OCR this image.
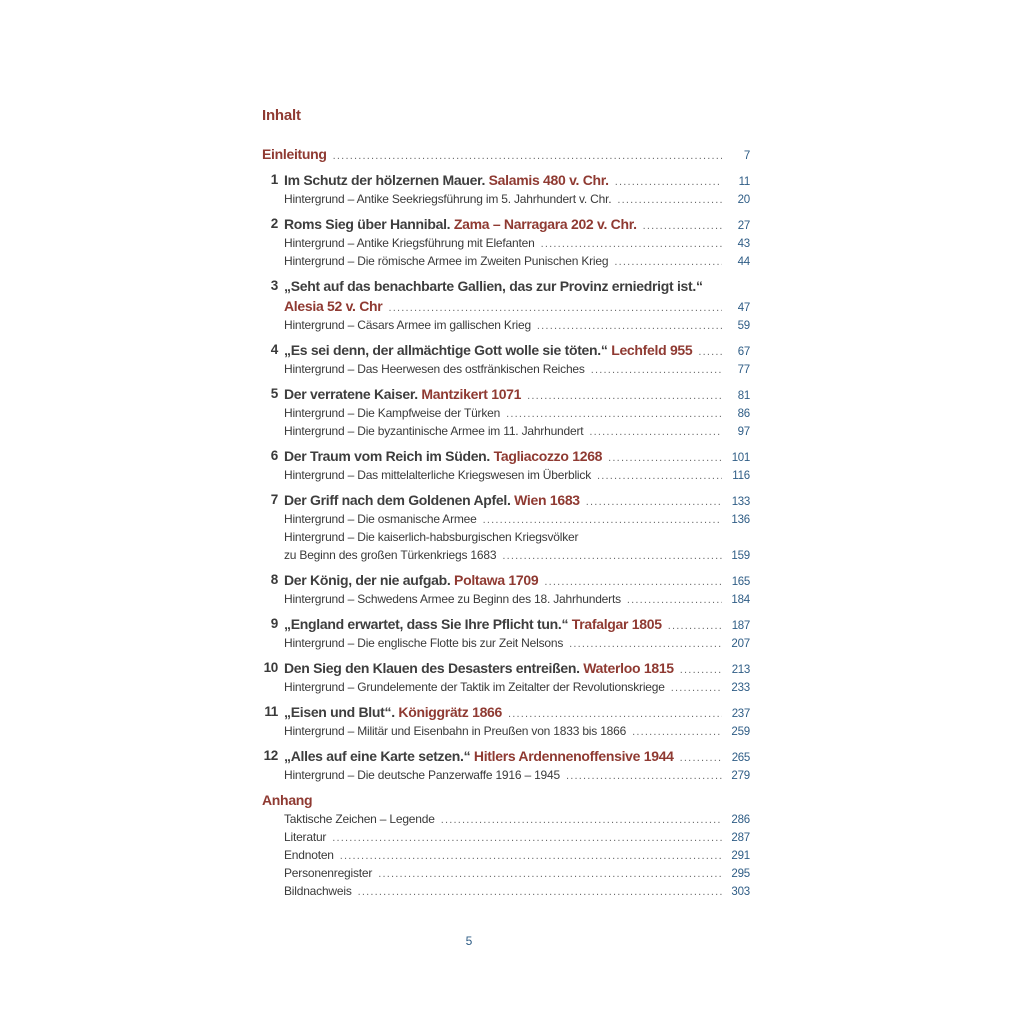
Inhalt
Einleitung .....	7
1 Im Schutz der hölzernen Mauer. Salamis 480 v. Chr. .....	11
Hintergrund – Antike Seekriegsführung im 5. Jahrhundert v. Chr. .....	20
2 Roms Sieg über Hannibal. Zama – Narragara 202 v. Chr. .....	27
Hintergrund – Antike Kriegsführung mit Elefanten .....	43
Hintergrund – Die römische Armee im Zweiten Punischen Krieg .....	44
3 „Seht auf das benachbarte Gallien, das zur Provinz erniedrigt ist.“
Alesia 52 v. Chr .....	47
Hintergrund – Cäsars Armee im gallischen Krieg .....	59
4 „Es sei denn, der allmächtige Gott wolle sie töten.“ Lechfeld 955 .....	67
Hintergrund – Das Heerwesen des ostfränkischen Reiches .....	77
5 Der verratene Kaiser. Mantzikert 1071 .....	81
Hintergrund – Die Kampfweise der Türken .....	86
Hintergrund – Die byzantinische Armee im 11. Jahrhundert .....	97
6 Der Traum vom Reich im Süden. Tagliacozzo 1268 .....	101
Hintergrund – Das mittelalterliche Kriegswesen im Überblick .....	116
7 Der Griff nach dem Goldenen Apfel. Wien 1683 .....	133
Hintergrund – Die osmanische Armee .....	136
Hintergrund – Die kaiserlich-habsburgischen Kriegsvölker
zu Beginn des großen Türkenkriegs 1683 .....	159
8 Der König, der nie aufgab. Poltawa 1709 .....	165
Hintergrund – Schwedens Armee zu Beginn des 18. Jahrhunderts .....	184
9 „England erwartet, dass Sie Ihre Pflicht tun.“ Trafalgar 1805 .....	187
Hintergrund – Die englische Flotte bis zur Zeit Nelsons .....	207
10 Den Sieg den Klauen des Desasters entreißen. Waterloo 1815 .....	213
Hintergrund – Grundelemente der Taktik im Zeitalter der Revolutionskriege .....	233
11 „Eisen und Blut“. Königgrätz 1866 .....	237
Hintergrund – Militär und Eisenbahn in Preußen von 1833 bis 1866 .....	259
12 „Alles auf eine Karte setzen.“ Hitlers Ardennenoffensive 1944 .....	265
Hintergrund – Die deutsche Panzerwaffe 1916 – 1945 .....	279
Anhang
Taktische Zeichen – Legende .....	286
Literatur .....	287
Endnoten .....	291
Personenregister .....	295
Bildnachweis .....	303
5
